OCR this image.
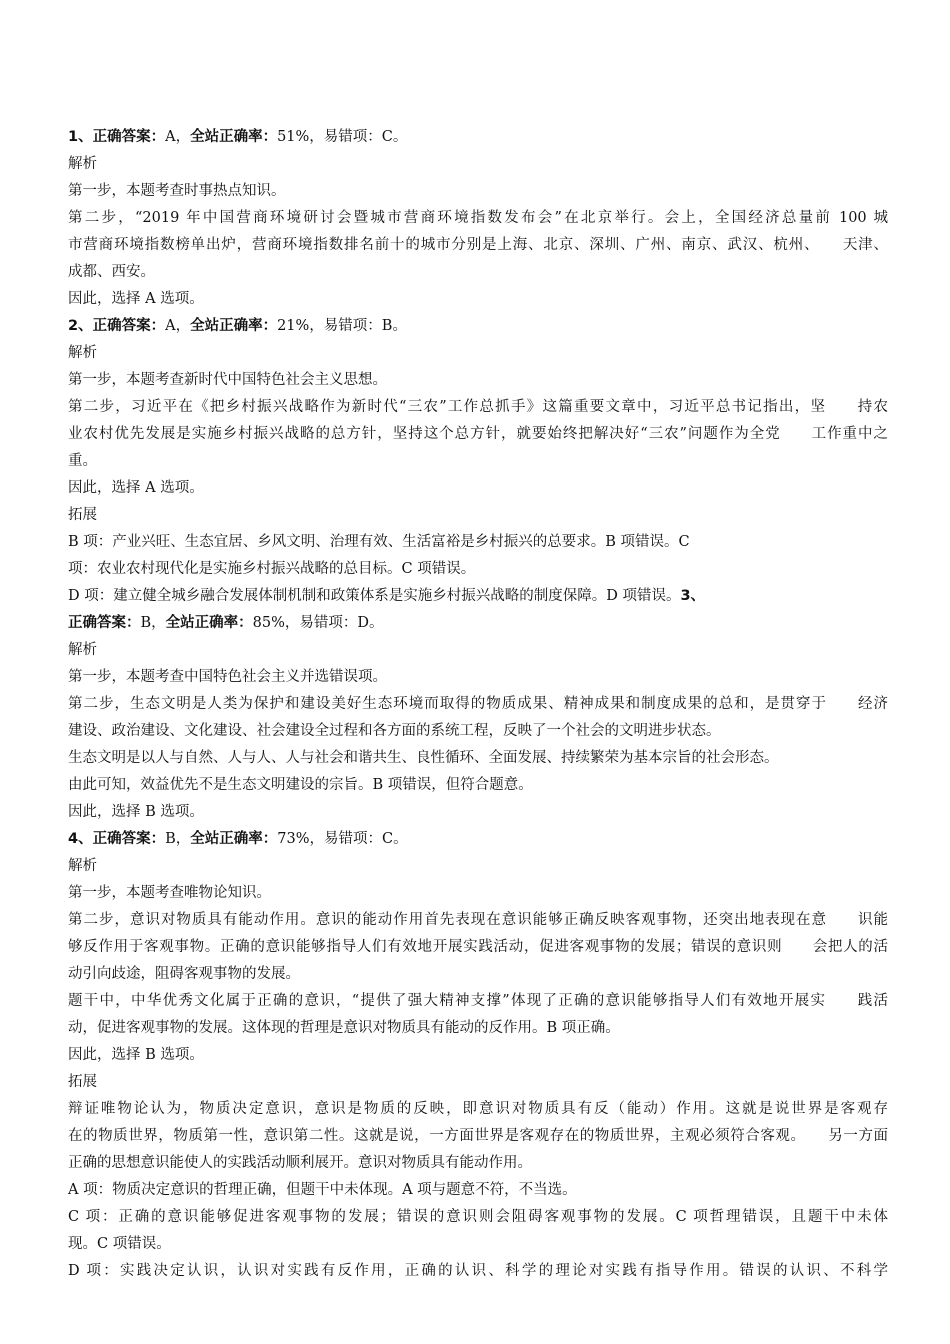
1、正确答案：A，全站正确率：51%，易错项：C。
解析
第一步，本题考查时事热点知识。
第二步，“2019 年中国营商环境研讨会暨城市营商环境指数发布会”在北京举行。会上，全国经济总量前 100 城
市营商环境指数榜单出炉，营商环境指数排名前十的城市分别是上海、北京、深圳、广州、南京、武汉、杭州、　　天津、
成都、西安。
因此，选择 A 选项。
2、正确答案：A，全站正确率：21%，易错项：B。
解析
第一步，本题考查新时代中国特色社会主义思想。
第二步，习近平在《把乡村振兴战略作为新时代“三农”工作总抓手》这篇重要文章中，习近平总书记指出，坚　　持农
业农村优先发展是实施乡村振兴战略的总方针，坚持这个总方针，就要始终把解决好“三农”问题作为全党　　工作重中之
重。
因此，选择 A 选项。
拓展
B 项：产业兴旺、生态宜居、乡风文明、治理有效、生活富裕是乡村振兴的总要求。B 项错误。C
项：农业农村现代化是实施乡村振兴战略的总目标。C 项错误。
D 项：建立健全城乡融合发展体制机制和政策体系是实施乡村振兴战略的制度保障。D 项错误。3、
正确答案：B，全站正确率：85%，易错项：D。
解析
第一步，本题考查中国特色社会主义并选错误项。
第二步，生态文明是人类为保护和建设美好生态环境而取得的物质成果、精神成果和制度成果的总和，是贯穿于　　经济
建设、政治建设、文化建设、社会建设全过程和各方面的系统工程，反映了一个社会的文明进步状态。
生态文明是以人与自然、人与人、人与社会和谐共生、良性循环、全面发展、持续繁荣为基本宗旨的社会形态。
由此可知，效益优先不是生态文明建设的宗旨。B 项错误，但符合题意。
因此，选择 B 选项。
4、正确答案：B，全站正确率：73%，易错项：C。
解析
第一步，本题考查唯物论知识。
第二步，意识对物质具有能动作用。意识的能动作用首先表现在意识能够正确反映客观事物，还突出地表现在意　　识能
够反作用于客观事物。正确的意识能够指导人们有效地开展实践活动，促进客观事物的发展；错误的意识则　　会把人的活
动引向歧途，阻碍客观事物的发展。
题干中，中华优秀文化属于正确的意识，“提供了强大精神支撑”体现了正确的意识能够指导人们有效地开展实　　践活
动，促进客观事物的发展。这体现的哲理是意识对物质具有能动的反作用。B 项正确。
因此，选择 B 选项。
拓展
辩证唯物论认为，物质决定意识，意识是物质的反映，即意识对物质具有反（能动）作用。这就是说世界是客观存
在的物质世界，物质第一性，意识第二性。这就是说，一方面世界是客观存在的物质世界，主观必须符合客观。　　另一方面
正确的思想意识能使人的实践活动顺利展开。意识对物质具有能动作用。
A 项：物质决定意识的哲理正确，但题干中未体现。A 项与题意不符，不当选。
C 项：正确的意识能够促进客观事物的发展；错误的意识则会阻碍客观事物的发展。C 项哲理错误，且题干中未体
现。C 项错误。
D 项：实践决定认识，认识对实践有反作用，正确的认识、科学的理论对实践有指导作用。错误的认识、不科学
